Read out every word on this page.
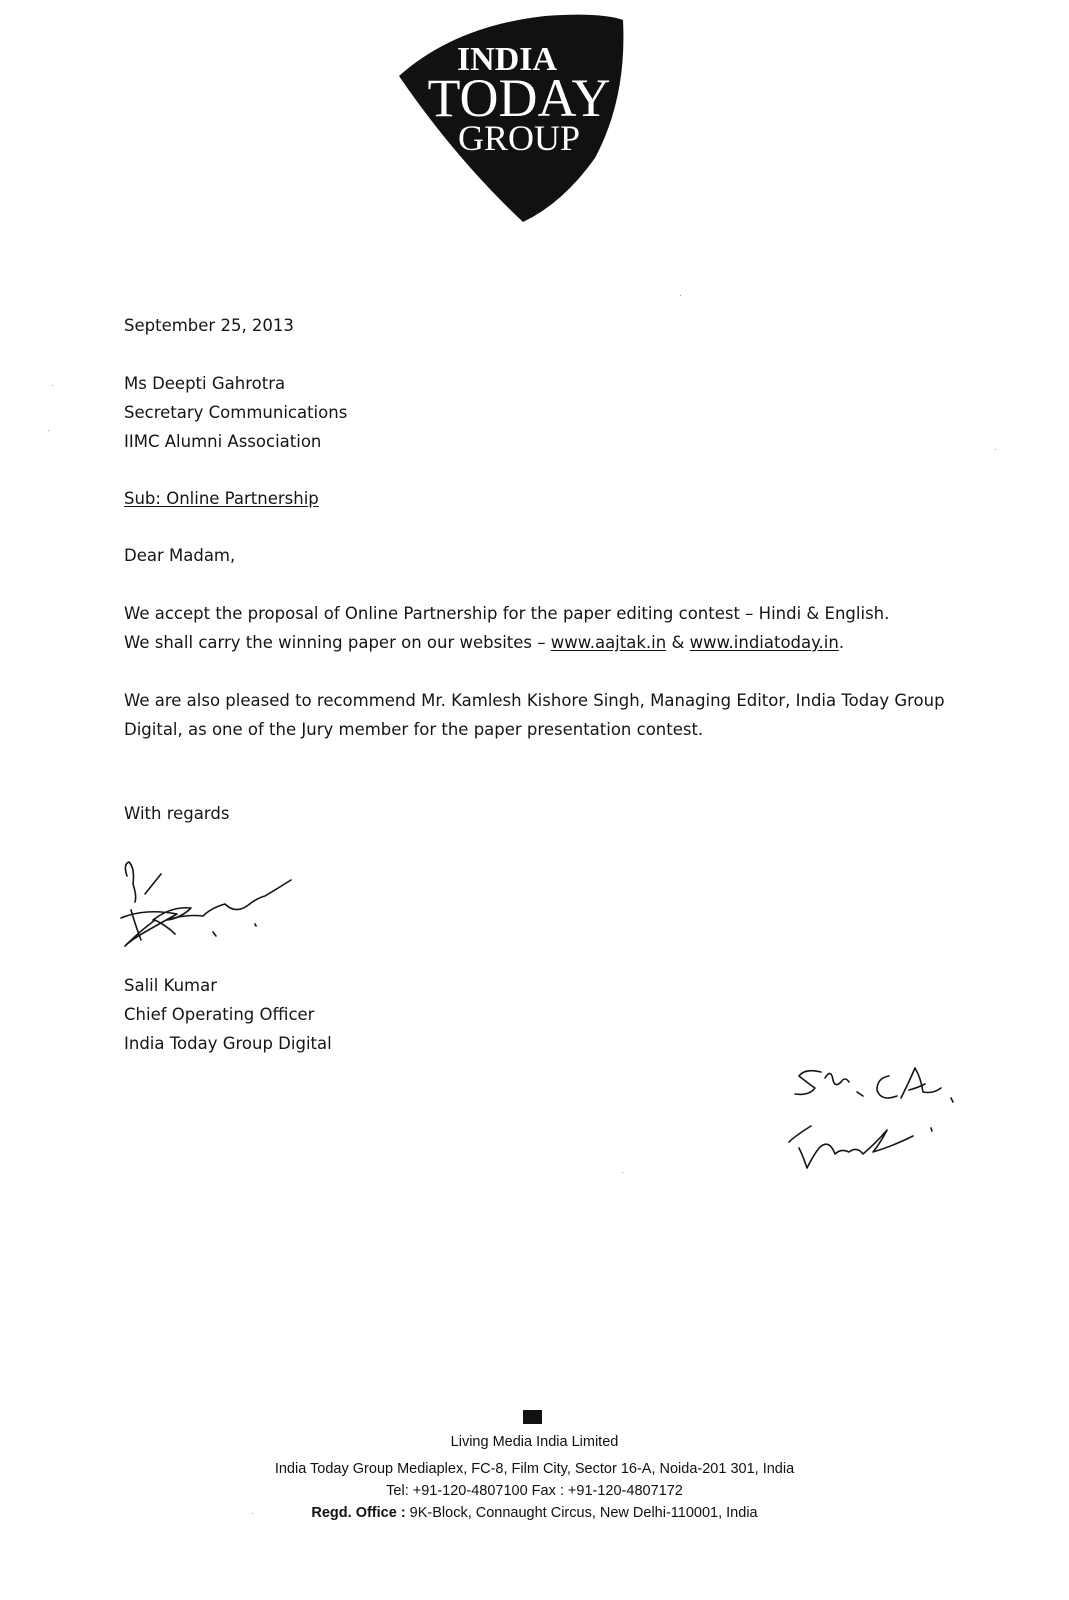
INDIA
TODAY
GROUP
September 25, 2013
Ms Deepti Gahrotra
Secretary Communications
IIMC Alumni Association
Sub: Online Partnership
Dear Madam,
We accept the proposal of Online Partnership for the paper editing contest – Hindi & English.
We shall carry the winning paper on our websites – www.aajtak.in & www.indiatoday.in.
We are also pleased to recommend Mr. Kamlesh Kishore Singh, Managing Editor, India Today Group
Digital, as one of the Jury member for the paper presentation contest.
With regards
Salil Kumar
Chief Operating Officer
India Today Group Digital
Living Media India Limited
India Today Group Mediaplex, FC-8, Film City, Sector 16-A, Noida-201 301, India
Tel: +91-120-4807100 Fax : +91-120-4807172
Regd. Office : 9K-Block, Connaught Circus, New Delhi-110001, India
